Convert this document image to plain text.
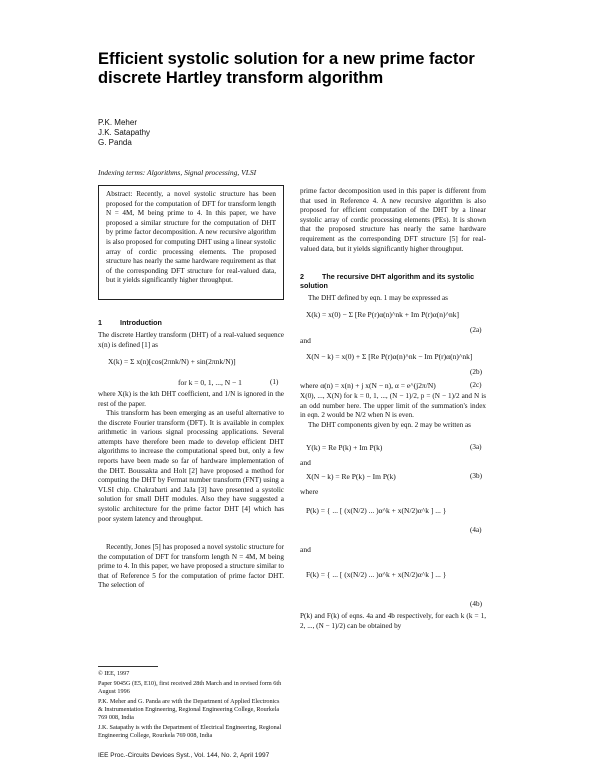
Efficient systolic solution for a new prime factor discrete Hartley transform algorithm
P.K. Meher
J.K. Satapathy
G. Panda
Indexing terms: Algorithms, Signal processing, VLSI
Abstract: Recently, a novel systolic structure has been proposed for the computation of DFT for transform length N = 4M, M being prime to 4. In this paper, we have proposed a similar structure for the computation of DHT by prime factor decomposition. A new recursive algorithm is also proposed for computing DHT using a linear systolic array of cordic processing elements. The proposed structure has nearly the same hardware requirement as that of the corresponding DFT structure for real-valued data, but it yields significantly higher throughput.
1	Introduction

The discrete Hartley transform (DHT) of a real-valued sequence x(n) is defined [1] as

X(k) = Σ x(n)[cos(2πnk/N) + sin(2πnk/N)]
for k = 0, 1, ..., N − 1	(1)

where X(k) is the kth DHT coefficient, and 1/N is ignored in the rest of the paper.

This transform has been emerging as an useful alternative to the discrete Fourier transform (DFT). It is available in complex arithmetic in various signal processing applications. Several attempts have therefore been made to develop efficient DHT algorithms to increase the computational speed but, only a few reports have been made so far of hardware implementation of the DHT. Boussakta and Holt [2] have proposed a method for computing the DHT by Fermat number transform (FNT) using a VLSI chip. Chakrabarti and JaJa [3] have presented a systolic solution for small DHT modules. Also they have suggested a systolic architecture for the prime factor DHT [4] which has poor system latency and throughput.

Recently, Jones [5] has proposed a novel systolic structure for the computation of DFT for transform length N = 4M, M being prime to 4. In this paper, we have proposed a structure similar to that of Reference 5 for the computation of prime factor DHT. The selection of

© IEE, 1997

Paper 9045G (E5, E10), first received 28th March and in revised form 6th August 1996

P.K. Meher and G. Panda are with the Department of Applied Electronics & Instrumentation Engineering, Regional Engineering College, Rourkela 769 008, India

J.K. Satapathy is with the Department of Electrical Engineering, Regional Engineering College, Rourkela 769 008, India

IEE Proc.-Circuits Devices Syst., Vol. 144, No. 2, April 1997

prime factor decomposition used in this paper is different from that used in Reference 4. A new recursive algorithm is also proposed for efficient computation of the DHT by a linear systolic array of cordic processing elements (PEs). It is shown that the proposed structure has nearly the same hardware requirement as the corresponding DFT structure [5] for real-valued data, but it yields significantly higher throughput.

2	The recursive DHT algorithm and its systolic solution

The DHT defined by eqn. 1 may be expressed as

X(k) = x(0) − Σ [Re P(r)α(n)^nk + Im P(r)α(n)^nk]
(2a)
and
X(N − k) = x(0) + Σ [Re P(r)α(n)^nk − Im P(r)α(n)^nk]
(2b)
where α(n) = x(n) + j x(N − n), α = e^(j2π/N)	(2c)

X(0), ..., X(N) for k = 0, 1, ..., (N − 1)/2, p = (N − 1)/2 and N is an odd number here. The upper limit of the summation's index in eqn. 2 would be N/2 when N is even.

The DHT components given by eqn. 2 may be written as

Y(k) = Re P(k) + Im P(k)	(3a)
and
X(N − k) = Re P(k) − Im P(k)	(3b)
where
P(k) = { ... [ (x(N/2) ... )α^k + x(N/2)α^k ] ... }
(4a)
and
F(k) = { ... [ (x(N/2) ... )α^k + x(N/2)α^k ] ... }
(4b)

P(k) and F(k) of eqns. 4a and 4b respectively, for each k (k = 1, 2, ..., (N − 1)/2) can be obtained by
